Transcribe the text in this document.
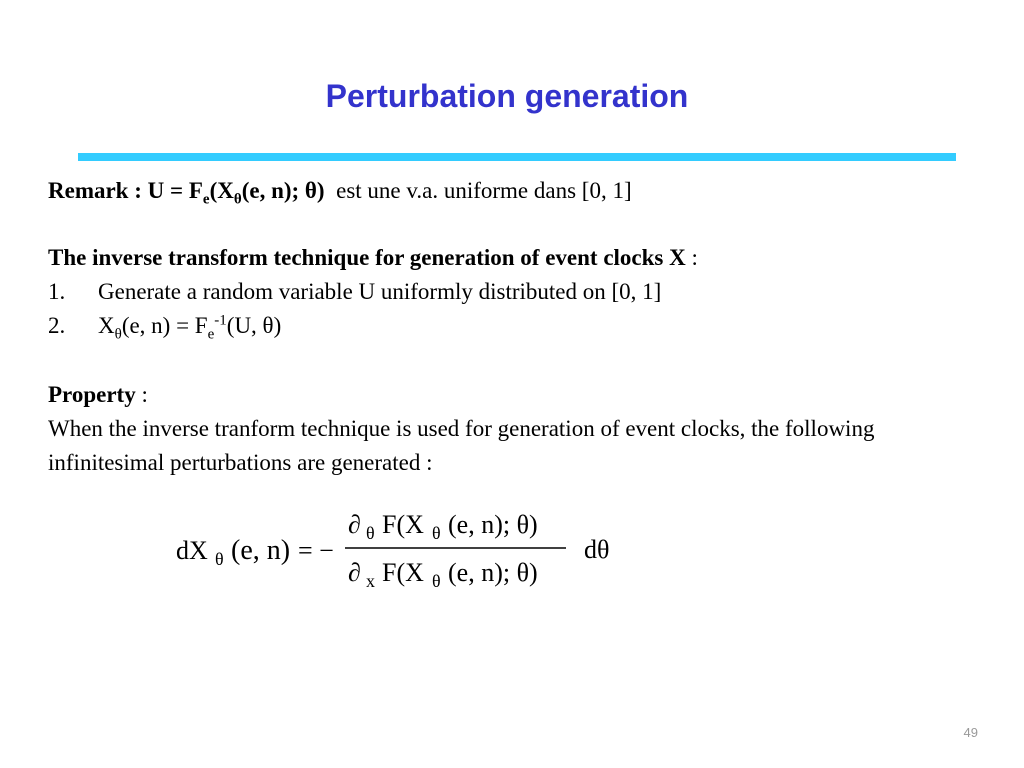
Perturbation generation
Remark : $U = F_e(X_\theta(e$, n); θ) est une v.a. uniforme dans [0, 1]
The inverse transform technique for generation of event clocks X :
1. Generate a random variable U uniformly distributed on [0, 1]
2. $X_\theta(e$, $n) = F_e^{-1}(U$, θ)
Property :
When the inverse tranform technique is used for generation of event clocks, the following infinitesimal perturbations are generated :
dX θ (e, n) = −
∂ θ F(X θ (e, n); θ)
∂ x F(X θ (e, n); θ)
dθ
49
